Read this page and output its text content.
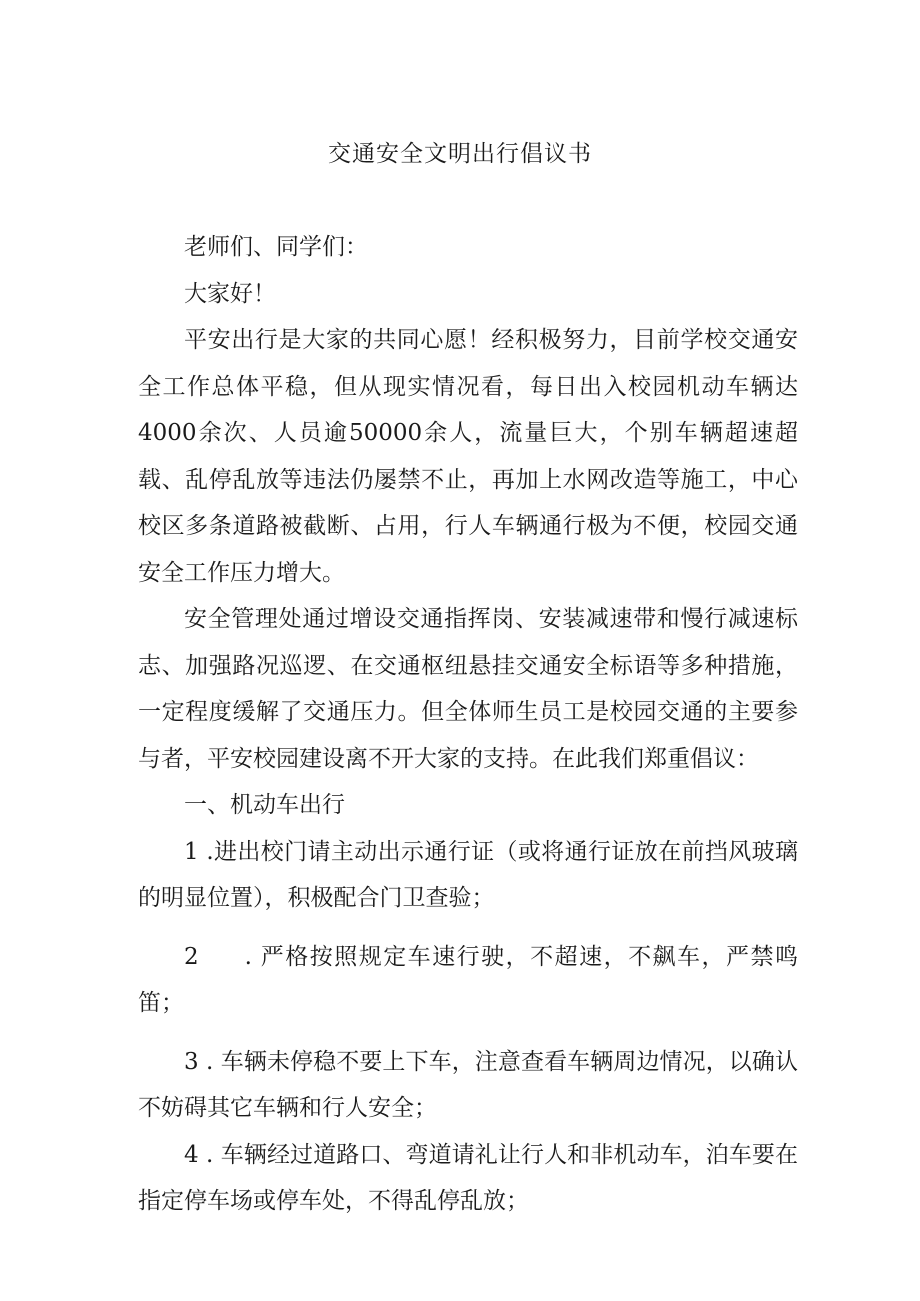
交通安全文明出行倡议书

老师们、同学们：

大家好！

平安出行是大家的共同心愿！经积极努力，目前学校交通安全工作总体平稳，但从现实情况看，每日出入校园机动车辆达4000余次、人员逾50000余人，流量巨大，个别车辆超速超载、乱停乱放等违法仍屡禁不止，再加上水网改造等施工，中心校区多条道路被截断、占用，行人车辆通行极为不便，校园交通安全工作压力增大。

安全管理处通过增设交通指挥岗、安装减速带和慢行减速标志、加强路况巡逻、在交通枢纽悬挂交通安全标语等多种措施，一定程度缓解了交通压力。但全体师生员工是校园交通的主要参与者，平安校园建设离不开大家的支持。在此我们郑重倡议：

一、机动车出行

1 .进出校门请主动出示通行证（或将通行证放在前挡风玻璃的明显位置），积极配合门卫查验；

2 . 严格按照规定车速行驶，不超速，不飙车，严禁鸣笛；

3 . 车辆未停稳不要上下车，注意查看车辆周边情况，以确认不妨碍其它车辆和行人安全；

4 . 车辆经过道路口、弯道请礼让行人和非机动车，泊车要在指定停车场或停车处，不得乱停乱放；
